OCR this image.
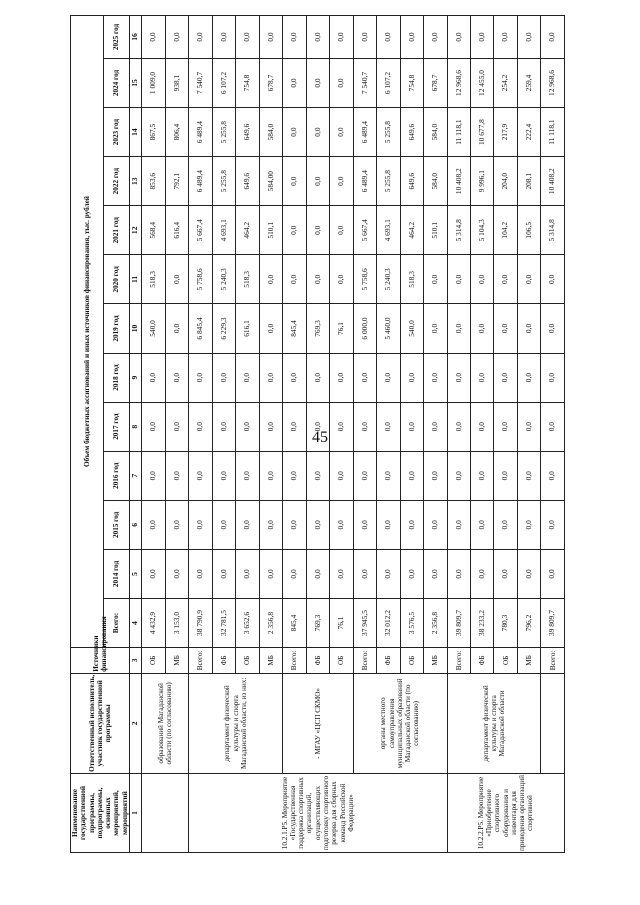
45
Наименование государственной программы, подпрограммы, основных мероприятий, мероприятий	Ответственный исполнитель, участник государственной программы	Источники финансирования	Объем бюджетных ассигнований и иных источников финансирования, тыс. рублей												
			Всего:	2014 год	2015 год	2016 год	2017 год	2018 год	2019 год	2020 год	2021 год	2022 год	2023 год	2024 год	2025 год
1	2	3	4	5	6	7	8	9	10	11	12	13	14	15	16
	образований Магаданской области (по согласованию)	ОБ	4 432,9	0,0	0,0	0,0	0,0	0,0	540,0	518,3	568,4	853,6	867,5	1 009,0	0,0
		МБ	3 153,0	0,0	0,0	0,0	0,0	0,0	0,0	0,0	616,4	792,1	806,4	938,1	0,0
10.2.1.P5. Мероприятие «Государственная поддержка спортивных организаций, осуществляющих подготовку спортивного резерва для сборных команд Российской Федерации»	департамент физической культуры и спорта Магаданской области, из них:	Всего:	38 790,9	0,0	0,0	0,0	0,0	0,0	6 845,4	5 758,6	5 667,4	6 489,4	6 489,4	7 540,7	0,0
		ФБ	32 781,5	0,0	0,0	0,0	0,0	0,0	6 229,3	5 240,3	4 693,1	5 255,8	5 255,8	6 107,2	0,0
		ОБ	3 652,6	0,0	0,0	0,0	0,0	0,0	616,1	518,3	464,2	649,6	649,6	754,8	0,0
		МБ	2 356,8	0,0	0,0	0,0	0,0	0,0	0,0	0,0	510,1	584,00	584,0	678,7	0,0
	- МГАУ «ЦСП СКМО»	Всего:	845,4	0,0	0,0	0,0	0,0	0,0	845,4	0,0	0,0	0,0	0,0	0,0	0,0
		ФБ	769,3	0,0	0,0	0,0	0,0	0,0	769,3	0,0	0,0	0,0	0,0	0,0	0,0
		ОБ	76,1	0,0	0,0	0,0	0,0	0,0	76,1	0,0	0,0	0,0	0,0	0,0	0,0
	органы местного самоуправления муниципальных образований Магаданской области (по согласованию)	Всего:	37 945,5	0,0	0,0	0,0	0,0	0,0	6 000,0	5 758,6	5 667,4	6 489,4	6 489,4	7 540,7	0,0
		ФБ	32 012,2	0,0	0,0	0,0	0,0	0,0	5 460,0	5 240,3	4 693,1	5 255,8	5 255,8	6 107,2	0,0
		ОБ	3 576,5	0,0	0,0	0,0	0,0	0,0	540,0	518,3	464,2	649,6	649,6	754,8	0,0
		МБ	2 356,8	0,0	0,0	0,0	0,0	0,0	0,0	0,0	510,1	584,0	584,0	678,7	0,0
10.2.2.P5. Мероприятие «Приобретение спортивного оборудования и инвентаря для приведения организаций спортивной	департамент физической культуры и спорта Магаданской области	Всего:	39 809,7	0,0	0,0	0,0	0,0	0,0	0,0	0,0	5 314,8	10 408,2	11 118,1	12 968,6	0,0
		ФБ	38 233,2	0,0	0,0	0,0	0,0	0,0	0,0	0,0	5 104,3	9 996,1	10 677,8	12 455,0	0,0
		ОБ	780,3	0,0	0,0	0,0	0,0	0,0	0,0	0,0	104,2	204,0	217,9	254,2	0,0
		МБ	796,2	0,0	0,0	0,0	0,0	0,0	0,0	0,0	106,5	208,1	222,4	259,4	0,0
		Всего:	39 809,7	0,0	0,0	0,0	0,0	0,0	0,0	0,0	5 314,8	10 408,2	11 118,1	12 968,6	0,0
